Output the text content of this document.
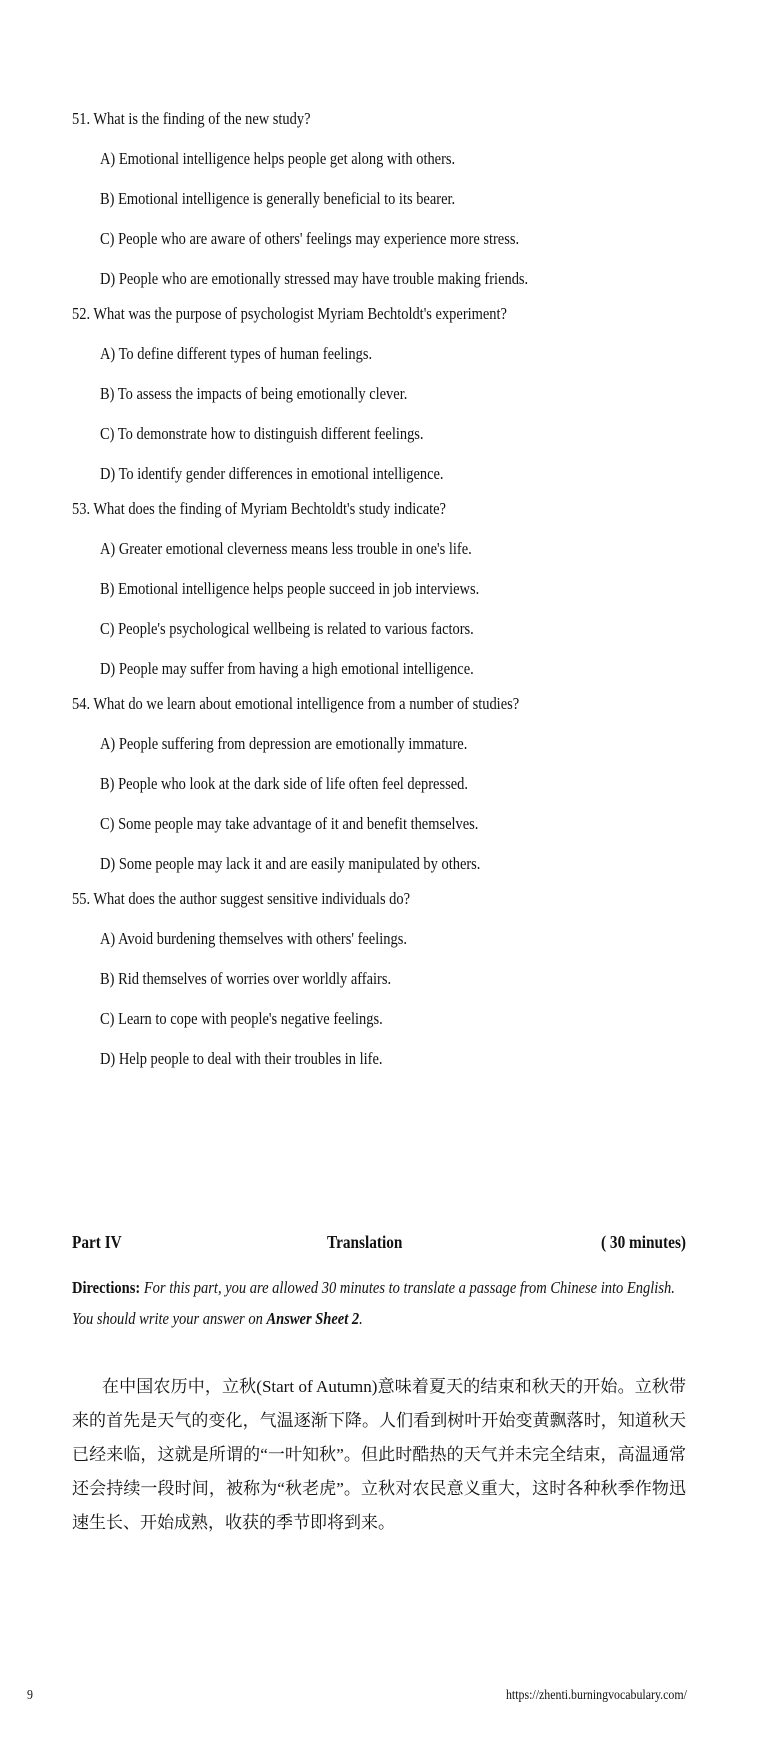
51. What is the finding of the new study?
A) Emotional intelligence helps people get along with others.
B) Emotional intelligence is generally beneficial to its bearer.
C) People who are aware of others' feelings may experience more stress.
D) People who are emotionally stressed may have trouble making friends.
52. What was the purpose of psychologist Myriam Bechtoldt's experiment?
A) To define different types of human feelings.
B) To assess the impacts of being emotionally clever.
C) To demonstrate how to distinguish different feelings.
D) To identify gender differences in emotional intelligence.
53. What does the finding of Myriam Bechtoldt's study indicate?
A) Greater emotional cleverness means less trouble in one's life.
B) Emotional intelligence helps people succeed in job interviews.
C) People's psychological wellbeing is related to various factors.
D) People may suffer from having a high emotional intelligence.
54. What do we learn about emotional intelligence from a number of studies?
A) People suffering from depression are emotionally immature.
B) People who look at the dark side of life often feel depressed.
C) Some people may take advantage of it and benefit themselves.
D) Some people may lack it and are easily manipulated by others.
55. What does the author suggest sensitive individuals do?
A) Avoid burdening themselves with others' feelings.
B) Rid themselves of worries over worldly affairs.
C) Learn to cope with people's negative feelings.
D) Help people to deal with their troubles in life.
Part IV	Translation	( 30 minutes)
Directions: For this part, you are allowed 30 minutes to translate a passage from Chinese into English. You should write your answer on Answer Sheet 2.
在中国农历中，立秋(Start of Autumn)意味着夏天的结束和秋天的开始。立秋带来的首先是天气的变化，气温逐渐下降。人们看到树叶开始变黄飘落时，知道秋天已经来临，这就是所谓的“一叶知秋”。但此时酷热的天气并未完全结束，高温通常还会持续一段时间，被称为“秋老虎”。立秋对农民意义重大，这时各种秋季作物迅速生长、开始成熟，收获的季节即将到来。
9	https://zhenti.burningvocabulary.com/
